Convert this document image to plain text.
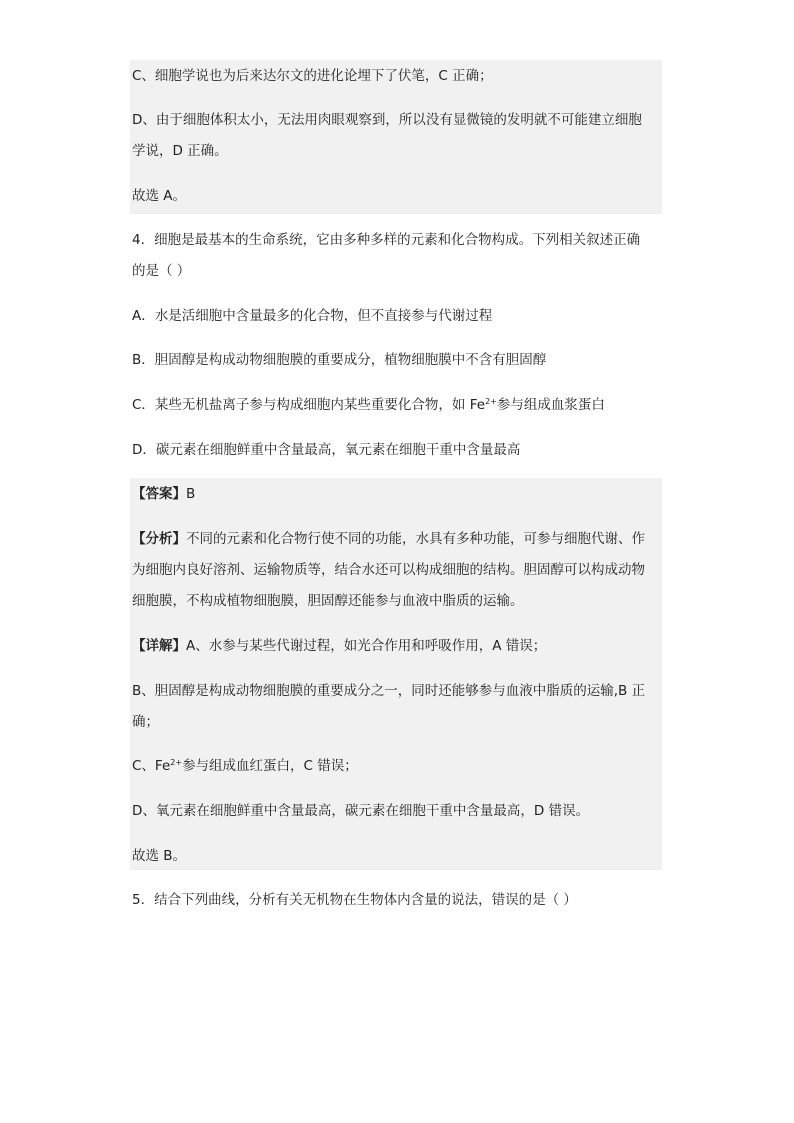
C、细胞学说也为后来达尔文的进化论埋下了伏笔，C 正确；
D、由于细胞体积太小，无法用肉眼观察到，所以没有显微镜的发明就不可能建立细胞
学说，D 正确。
故选 A。
4．细胞是最基本的生命系统，它由多种多样的元素和化合物构成。下列相关叙述正确
的是（ ）
A．水是活细胞中含量最多的化合物，但不直接参与代谢过程
B．胆固醇是构成动物细胞膜的重要成分，植物细胞膜中不含有胆固醇
C．某些无机盐离子参与构成细胞内某些重要化合物，如 $Fe^{2+}$参与组成血浆蛋白
D．碳元素在细胞鲜重中含量最高，氧元素在细胞干重中含量最高
【答案】B
【分析】不同的元素和化合物行使不同的功能，水具有多种功能，可参与细胞代谢、作
为细胞内良好溶剂、运输物质等，结合水还可以构成细胞的结构。胆固醇可以构成动物
细胞膜，不构成植物细胞膜，胆固醇还能参与血液中脂质的运输。
【详解】A、水参与某些代谢过程，如光合作用和呼吸作用，A 错误；
B、胆固醇是构成动物细胞膜的重要成分之一，同时还能够参与血液中脂质的运输,B 正
确；
C、$Fe^{2+}$参与组成血红蛋白，C 错误；
D、氧元素在细胞鲜重中含量最高，碳元素在细胞干重中含量最高，D 错误。
故选 B。
5．结合下列曲线，分析有关无机物在生物体内含量的说法，错误的是（ ）
